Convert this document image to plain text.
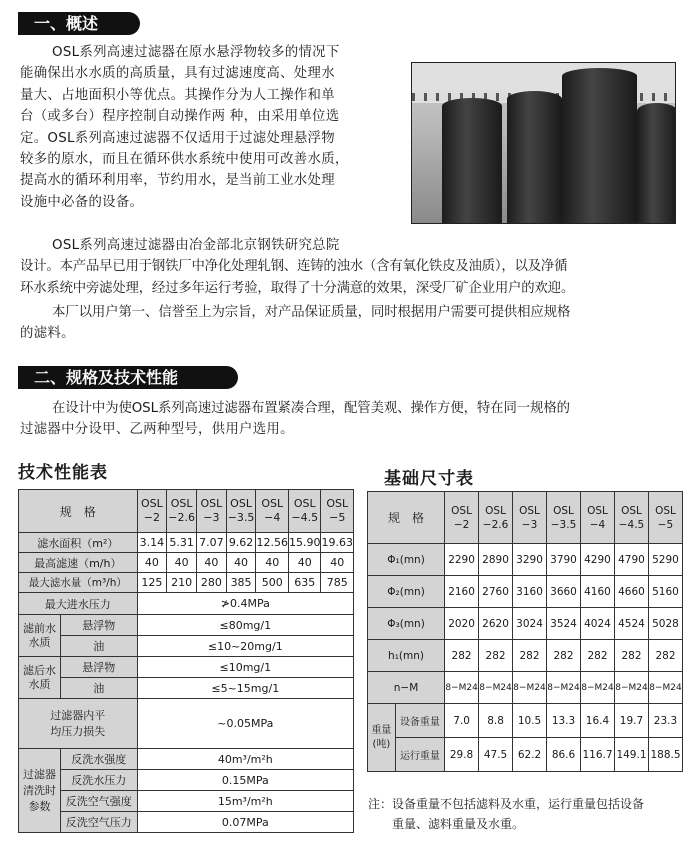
一、概述
OSL系列高速过滤器在原水悬浮物较多的情况下
能确保出水水质的高质量，具有过滤速度高、处理水
量大、占地面积小等优点。其操作分为人工操作和单
台（或多台）程序控制自动操作两 种，由采用单位选
定。OSL系列高速过滤器不仅适用于过滤处理悬浮物
较多的原水，而且在循环供水系统中使用可改善水质，
提高水的循环利用率，节约用水，是当前工业水处理
设施中必备的设备。
OSL系列高速过滤器由冶金部北京钢铁研究总院
设计。本产品早已用于钢铁厂中净化处理轧钢、连铸的浊水（含有氧化铁皮及油质），以及净循
环水系统中旁滤处理，经过多年运行考验，取得了十分满意的效果，深受厂矿企业用户的欢迎。
本厂以用户第一、信誉至上为宗旨，对产品保证质量，同时根据用户需要可提供相应规格
的滤料。
二、规格及技术性能
在设计中为使OSL系列高速过滤器布置紧凑合理，配管美观、操作方便，特在同一规格的
过滤器中分设甲、乙两种型号，供用户选用。
技术性能表
规　格		OSL
−2	OSL
−2.6	OSL
−3	OSL
−3.5	OSL
−4	OSL
−4.5	OSL
−5
滤水面积（m²）		3.14	5.31	7.07	9.62	12.56	15.90	19.63
最高滤速（m/h）		40	40	40	40	40	40	40
最大滤水量（m³/h）		125	210	280	385	500	635	785
最大进水压力		≯0.4MPa						
滤前水
水质	悬浮物	≤80mg/1						
	油	≤10~20mg/1						
滤后水
水质	悬浮物	≤10mg/1						
	油	≤5~15mg/1						
过滤器内平
均压力损失		~0.05MPa						
过滤器
清洗时
参数	反洗水强度	40m³/m²h						
	反洗水压力	0.15MPa						
	反洗空气强度	15m³/m²h						
	反洗空气压力	0.07MPa						
基础尺寸表
规　格		OSL
−2	OSL
−2.6	OSL
−3	OSL
−3.5	OSL
−4	OSL
−4.5	OSL
−5
Φ₁(mn)		2290	2890	3290	3790	4290	4790	5290
Φ₂(mn)		2160	2760	3160	3660	4160	4660	5160
Φ₃(mn)		2020	2620	3024	3524	4024	4524	5028
h₁(mn)		282	282	282	282	282	282	282
n−M		8−M24	8−M24	8−M24	8−M24	8−M24	8−M24	8−M24
重量
(吨)	设备重量	7.0	8.8	10.5	13.3	16.4	19.7	23.3
	运行重量	29.8	47.5	62.2	86.6	116.7	149.1	188.5
注：设备重量不包括滤料及水重，运行重量包括设备
　　重量、滤料重量及水重。
